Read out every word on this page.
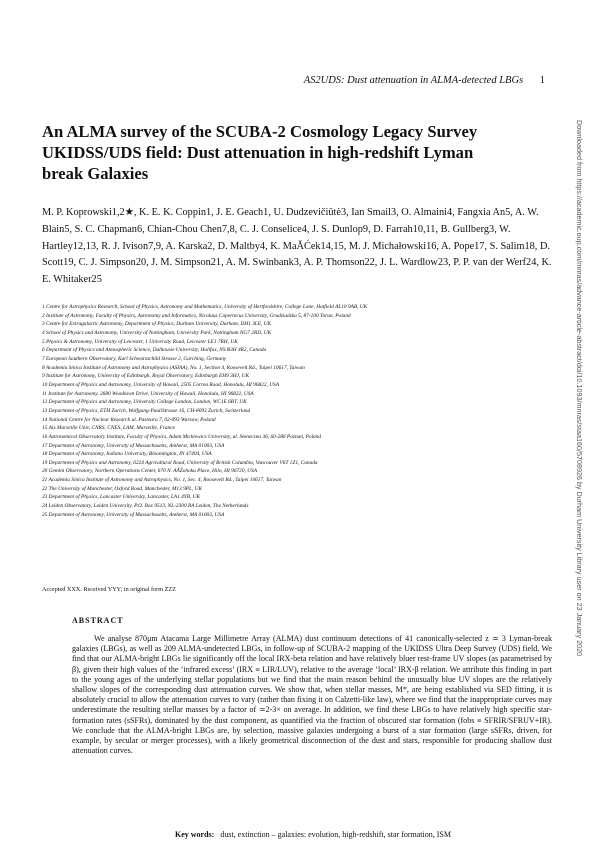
AS2UDS: Dust attenuation in ALMA-detected LBGs 1
An ALMA survey of the SCUBA-2 Cosmology Legacy Survey UKIDSS/UDS field: Dust attenuation in high-redshift Lyman break Galaxies

M. P. Koprowski1,2★, K. E. K. Coppin1, J. E. Geach1, U. Dudzevičiūtė3, Ian Smail3, O. Almaini4, Fangxia An5, A. W. Blain5, S. C. Chapman6, Chian-Chou Chen7,8, C. J. Conselice4, J. S. Dunlop9, D. Farrah10,11, B. Gullberg3, W. Hartley12,13, R. J. Ivison7,9, A. Karska2, D. Maltby4, K. MaĂĆek14,15, M. J. Michałowski16, A. Pope17, S. Salim18, D. Scott19, C. J. Simpson20, J. M. Simpson21, A. M. Swinbank3, A. P. Thomson22, J. L. Wardlow23, P. P. van der Werf24, K. E. Whitaker25

1 Centre for Astrophysics Research, School of Physics, Astronomy and Mathematics, University of Hertfordshire, College Lane, Hatfield AL10 9AB, UK
2 Institute of Astronomy, Faculty of Physics, Astronomy and Informatics, Nicolaus Copernicus University, Grudziadzka 5, 87-100 Torun, Poland
3 Centre for Extragalactic Astronomy, Department of Physics, Durham University, Durham, DH1 3LE, UK
4 School of Physics and Astronomy, University of Nottingham, University Park, Nottingham NG7 2RD, UK
5 Physics & Astronomy, University of Leicester, 1 University Road, Leicester LE1 7RH, UK
6 Department of Physics and Atmospheric Science, Dalhousie University, Halifax, NS B3H 4R2, Canada
7 European Southern Observatory, Karl Schwarzschild Strasse 2, Garching, Germany
8 Academia Sinica Institute of Astronomy and Astrophysics (ASIAA), No. 1, Section 4, Roosevelt Rd., Taipei 10617, Taiwan
9 Institute for Astronomy, University of Edinburgh, Royal Observatory, Edinburgh EH9 3HJ, UK
10 Department of Physics and Astronomy, University of Hawaii, 2505 Correa Road, Honolulu, HI 96822, USA
11 Institute for Astronomy, 2680 Woodlawn Drive, University of Hawaii, Honolulu, HI 96822, USA
12 Department of Physics and Astronomy, University College London, London, WC1E 6BT, UK
13 Department of Physics, ETH Zurich, Wolfgang-PauliStrasse 16, CH-8093 Zurich, Switzerland
14 National Centre for Nuclear Research ul. Pasteura 7, 02-093 Warsaw, Poland
15 Aix Marseille Univ, CNRS, CNES, LAM, Marseille, France
16 Astronomical Observatory Institute, Faculty of Physics, Adam Mickiewicz University, ul. Słoneczna 36, 60-286 Poznań, Poland
17 Department of Astronomy, University of Massachusetts, Amherst, MA 01003, USA
18 Department of Astronomy, Indiana University, Bloomington, IN 47404, USA
19 Department of Physics and Astronomy, 6224 Agricultural Road, University of British Columbia, Vancouver V6T 1Z1, Canada
20 Gemini Observatory, Northern Operations Center, 670 N. AĂŹohoku Place, Hilo, HI 96720, USA
21 Academia Sinica Institute of Astronomy and Astrophysics, No. 1, Sec. 4, Roosevelt Rd., Taipei 10617, Taiwan
22 The University of Manchester, Oxford Road, Manchester, M13 9PL, UK
23 Department of Physics, Lancaster University, Lancaster, LA1 4YB, UK
24 Leiden Observatory, Leiden University, P.O. Box 9513, NL-2300 RA Leiden, The Netherlands
25 Department of Astronomy, University of Massachusetts, Amherst, MA 01003, USA
Accepted XXX. Received YYY; in original form ZZZ
ABSTRACT

We analyse 870μm Atacama Large Millimetre Array (ALMA) dust continuum detections of 41 canonically-selected z ≃ 3 Lyman-break galaxies (LBGs), as well as 209 ALMA-undetected LBGs, in follow-up of SCUBA-2 mapping of the UKIDSS Ultra Deep Survey (UDS) field. We find that our ALMA-bright LBGs lie significantly off the local IRX-beta relation and have relatively bluer rest-frame UV slopes (as parametrised by β), given their high values of the ‘infrared excess’ (IRX ≡ LIR/LUV), relative to the average ‘local’ IRX-β relation. We attribute this finding in part to the young ages of the underlying stellar populations but we find that the main reason behind the unusually blue UV slopes are the relatively shallow slopes of the corresponding dust attenuation curves. We show that, when stellar masses, M*, are being established via SED fitting, it is absolutely crucial to allow the attenuation curves to vary (rather than fixing it on Calzetti-like law), where we find that the inappropriate curves may underestimate the resulting stellar masses by a factor of ≃2-3× on average. In addition, we find these LBGs to have relatively high specific star-formation rates (sSFRs), dominated by the dust component, as quantified via the fraction of obscured star formation (fobs ≡ SFRIR/SFRUV+IR). We conclude that the ALMA-bright LBGs are, by selection, massive galaxies undergoing a burst of a star formation (large sSFRs, driven, for example, by secular or merger processes), with a likely geometrical disconnection of the dust and stars, responsible for producing shallow dust attenuation curves.

Key words: dust, extinction – galaxies: evolution, high-redshift, star formation, ISM
Downloaded from https://academic.oup.com/mnras/advance-article-abstract/doi/10.1093/mnras/staa160/5708926 by Durham University Library user on 23 January 2020
